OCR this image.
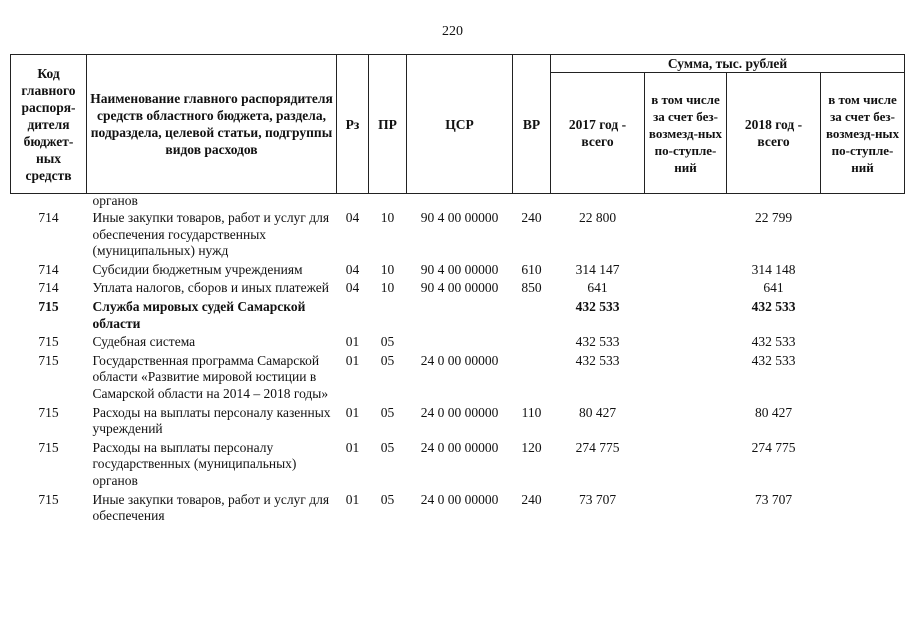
220
Код главного распоря-дителя бюджет-ных средств	Наименование главного распорядителя средств областного бюджета, раздела, подраздела, целевой статьи, подгруппы видов расходов	Рз	ПР	ЦСР	ВР	Сумма, тыс. рублей			
						2017 год - всего	в том числе за счет без-возмезд-ных по-ступле-ний	2018 год - всего	в том числе за счет без-возмезд-ных по-ступле-ний
	органов								
714	Иные закупки товаров, работ и услуг для обеспечения государственных (муниципальных) нужд	04	10	90 4 00 00000	240	22 800		22 799	
714	Субсидии бюджетным учреждениям	04	10	90 4 00 00000	610	314 147		314 148	
714	Уплата налогов, сборов и иных платежей	04	10	90 4 00 00000	850	641		641	
715	Служба мировых судей Самарской области					432 533		432 533	
715	Судебная система	01	05			432 533		432 533	
715	Государственная программа Самарской области «Развитие мировой юстиции в Самарской области на 2014 – 2018 годы»	01	05	24 0 00 00000		432 533		432 533	
715	Расходы на выплаты персоналу казенных учреждений	01	05	24 0 00 00000	110	80 427		80 427	
715	Расходы на выплаты персоналу государственных (муниципальных) органов	01	05	24 0 00 00000	120	274 775		274 775	
715	Иные закупки товаров, работ и услуг для обеспечения	01	05	24 0 00 00000	240	73 707		73 707	
